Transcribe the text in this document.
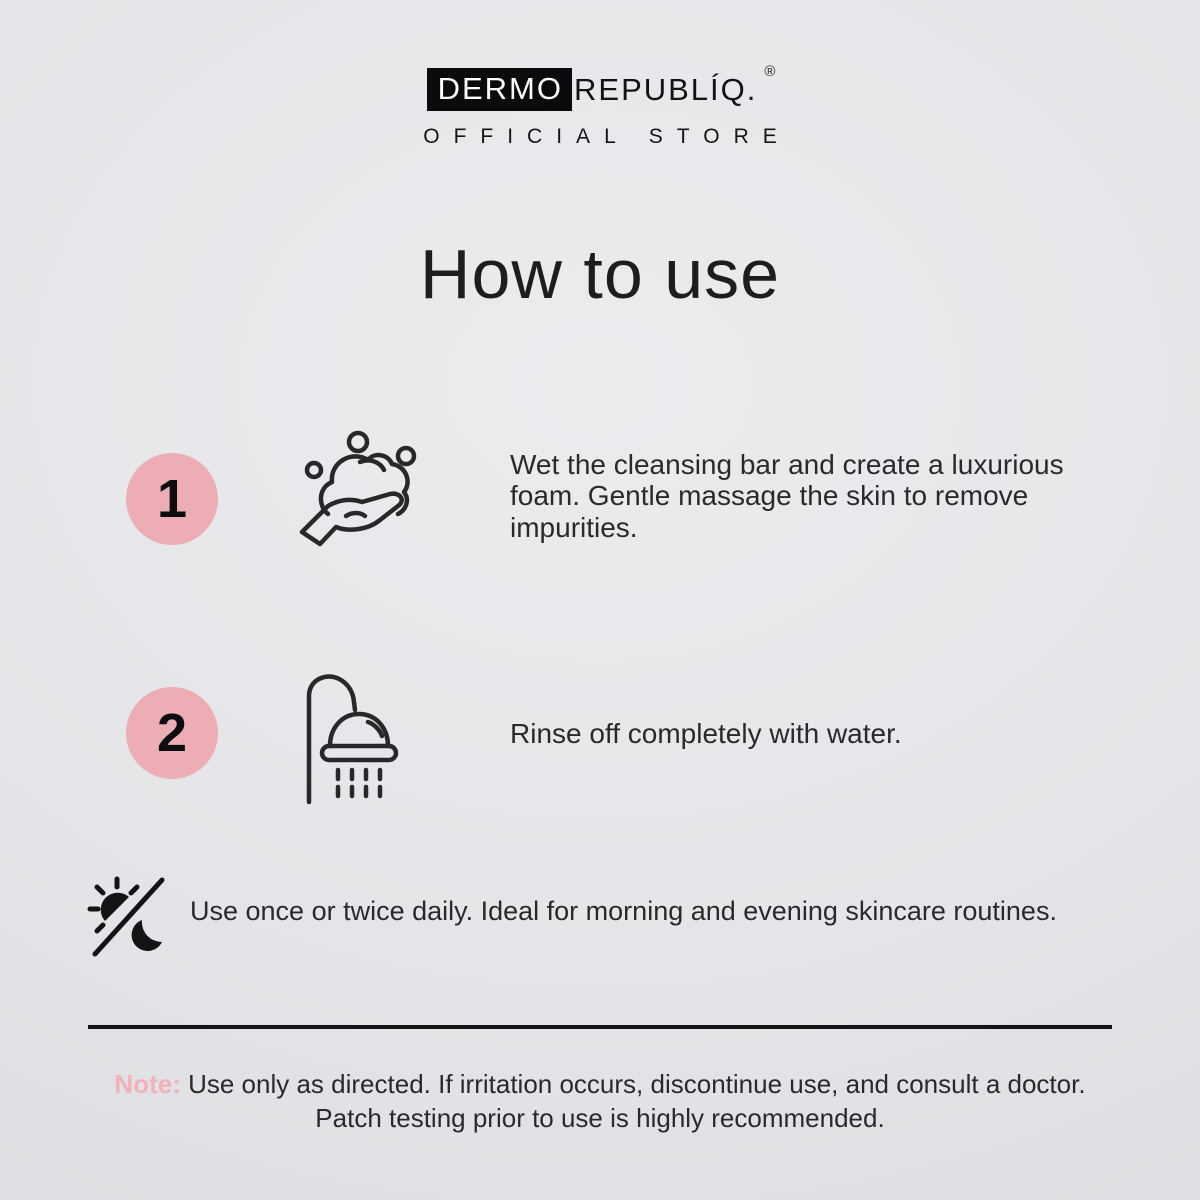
DERMO REPUBLÍQ.
®
OFFICIAL STORE
How to use
1
Wet the cleansing bar and create a luxurious foam. Gentle massage the skin to remove impurities.
2	Rinse off completely with water.
Use once or twice daily. Ideal for morning and evening skincare routines.

Note: Use only as directed. If irritation occurs, discontinue use, and consult a doctor.
Patch testing prior to use is highly recommended.
